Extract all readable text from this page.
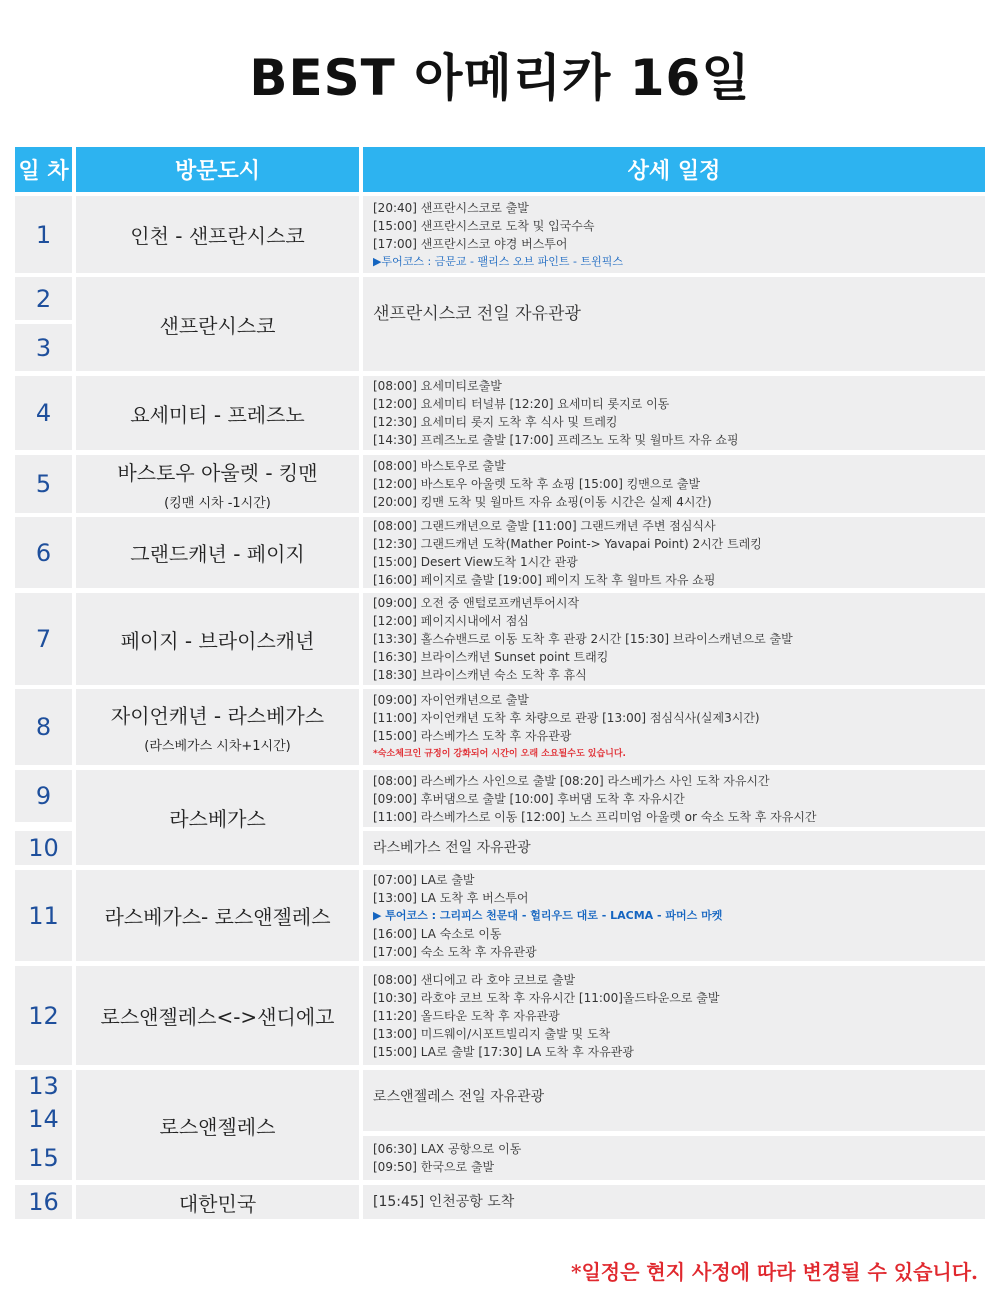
BEST 아메리카 16일
일 차	방문도시	상세 일정
1
2
3
4
5
6
7
8
9
10
11
12
13
14
15
16
인천 - 샌프란시스코
샌프란시스코
요세미티 - 프레즈노
바스토우 아울렛 - 킹맨
(킹맨 시차 -1시간)
그랜드캐년 - 페이지
페이지 - 브라이스캐년
자이언캐년 - 라스베가스
(라스베가스 시차+1시간)
라스베가스
라스베가스- 로스앤젤레스
로스앤젤레스<->샌디에고
로스앤젤레스
대한민국
[20:40] 샌프란시스코로 출발
[15:00] 샌프란시스코로 도착 및 입국수속
[17:00] 샌프란시스코 야경 버스투어
▶투어코스 : 금문교 - 팰리스 오브 파인트 - 트윈픽스
샌프란시스코 전일 자유관광
[08:00] 요세미티로출발
[12:00] 요세미티 터널뷰 [12:20] 요세미티 롯지로 이동
[12:30] 요세미티 롯지 도착 후 식사 및 트레킹
[14:30] 프레즈노로 출발 [17:00] 프레즈노 도착 및 월마트 자유 쇼핑
[08:00] 바스토우로 출발
[12:00] 바스토우 아울렛 도착 후 쇼핑 [15:00] 킹맨으로 출발
[20:00] 킹맨 도착 및 월마트 자유 쇼핑(이동 시간은 실제 4시간)
[08:00] 그랜드캐년으로 출발 [11:00] 그랜드캐년 주변 점심식사
[12:30] 그랜드캐년 도착(Mather Point-> Yavapai Point) 2시간 트레킹
[15:00] Desert View도착 1시간 관광
[16:00] 페이지로 출발 [19:00] 페이지 도착 후 월마트 자유 쇼핑
[09:00] 오전 중 앤털로프캐년투어시작
[12:00] 페이지시내에서 점심
[13:30] 홀스슈밴드로 이동 도착 후 관광 2시간 [15:30] 브라이스캐년으로 출발
[16:30] 브라이스캐년 Sunset point 트래킹
[18:30] 브라이스캐년 숙소 도착 후 휴식
[09:00] 자이언캐년으로 출발
[11:00] 자이언캐년 도착 후 차량으로 관광 [13:00] 점심식사(실제3시간)
[15:00] 라스베가스 도착 후 자유관광
*숙소체크인 규정이 강화되어 시간이 오래 소요될수도 있습니다.
[08:00] 라스베가스 사인으로 출발 [08:20] 라스베가스 사인 도착 자유시간
[09:00] 후버댐으로 출발 [10:00] 후버댐 도착 후 자유시간
[11:00] 라스베가스로 이동 [12:00] 노스 프리미엄 아울렛 or 숙소 도착 후 자유시간
라스베가스 전일 자유관광
[07:00] LA로 출발
[13:00] LA 도착 후 버스투어
▶ 투어코스 : 그리피스 천문대 - 헐리우드 대로 - LACMA - 파머스 마켓
[16:00] LA 숙소로 이동
[17:00] 숙소 도착 후 자유관광
[08:00] 샌디에고 라 호야 코브로 출발
[10:30] 라호야 코브 도착 후 자유시간 [11:00]올드타운으로 출발
[11:20] 올드타운 도착 후 자유관광
[13:00] 미드웨이/시포트빌리지 출발 및 도착
[15:00] LA로 출발 [17:30] LA 도착 후 자유관광
로스앤젤레스 전일 자유관광
[06:30] LAX 공항으로 이동
[09:50] 한국으로 출발
[15:45] 인천공항 도착
*일정은 현지 사정에 따라 변경될 수 있습니다.
